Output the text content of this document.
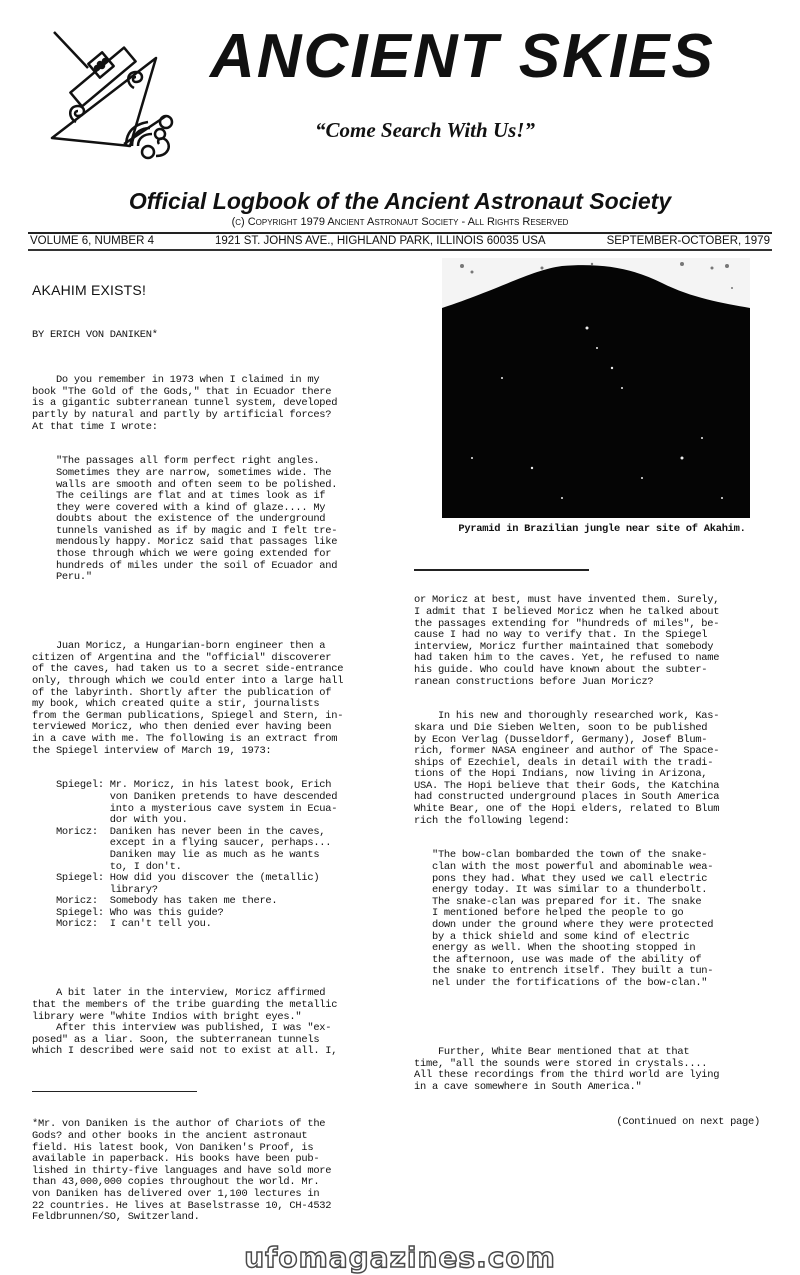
ANCIENT SKIES
“Come Search With Us!”
Official Logbook of the Ancient Astronaut Society
(c) Copyright 1979 Ancient Astronaut Society - All Rights Reserved
VOLUME 6, NUMBER 4	1921 ST. JOHNS AVE., HIGHLAND PARK, ILLINOIS 60035 USA	SEPTEMBER-OCTOBER, 1979

AKAHIM EXISTS!

BY ERICH VON DANIKEN*

Do you remember in 1973 when I claimed in my
book "The Gold of the Gods," that in Ecuador there
is a gigantic subterranean tunnel system, developed
partly by natural and partly by artificial forces?
At that time I wrote:

"The passages all form perfect right angles.
Sometimes they are narrow, sometimes wide. The
walls are smooth and often seem to be polished.
The ceilings are flat and at times look as if
they were covered with a kind of glaze.... My
doubts about the existence of the underground
tunnels vanished as if by magic and I felt tre-
mendously happy. Moricz said that passages like
those through which we were going extended for
hundreds of miles under the soil of Ecuador and
Peru."

Juan Moricz, a Hungarian-born engineer then a
citizen of Argentina and the "official" discoverer
of the caves, had taken us to a secret side-entrance
only, through which we could enter into a large hall
of the labyrinth. Shortly after the publication of
my book, which created quite a stir, journalists
from the German publications, Spiegel and Stern, in-
terviewed Moricz, who then denied ever having been
in a cave with me. The following is an extract from
the Spiegel interview of March 19, 1973:

Spiegel: Mr. Moricz, in his latest book, Erich
von Daniken pretends to have descended
into a mysterious cave system in Ecua-
dor with you.
Moricz:  Daniken has never been in the caves,
except in a flying saucer, perhaps...
Daniken may lie as much as he wants
to, I don't.
Spiegel: How did you discover the (metallic)
library?
Moricz:  Somebody has taken me there.
Spiegel: Who was this guide?
Moricz:  I can't tell you.

A bit later in the interview, Moricz affirmed
that the members of the tribe guarding the metallic
library were "white Indios with bright eyes."
After this interview was published, I was "ex-
posed" as a liar. Soon, the subterranean tunnels
which I described were said not to exist at all. I,

*Mr. von Daniken is the author of Chariots of the
Gods? and other books in the ancient astronaut
field. His latest book, Von Daniken's Proof, is
available in paperback. His books have been pub-
lished in thirty-five languages and have sold more
than 43,000,000 copies throughout the world. Mr.
von Daniken has delivered over 1,100 lectures in
22 countries. He lives at Baselstrasse 10, CH-4532
Feldbrunnen/SO, Switzerland.

Pyramid in Brazilian jungle near site of Akahim.

or Moricz at best, must have invented them. Surely,
I admit that I believed Moricz when he talked about
the passages extending for "hundreds of miles", be-
cause I had no way to verify that. In the Spiegel
interview, Moricz further maintained that somebody
had taken him to the caves. Yet, he refused to name
his guide. Who could have known about the subter-
ranean constructions before Juan Moricz?

In his new and thoroughly researched work, Kas-
skara und Die Sieben Welten, soon to be published
by Econ Verlag (Dusseldorf, Germany), Josef Blum-
rich, former NASA engineer and author of The Space-
ships of Ezechiel, deals in detail with the tradi-
tions of the Hopi Indians, now living in Arizona,
USA. The Hopi believe that their Gods, the Katchina
had constructed underground places in South America
White Bear, one of the Hopi elders, related to Blum
rich the following legend:

"The bow-clan bombarded the town of the snake-
clan with the most powerful and abominable wea-
pons they had. What they used we call electric
energy today. It was similar to a thunderbolt.
The snake-clan was prepared for it. The snake
I mentioned before helped the people to go
down under the ground where they were protected
by a thick shield and some kind of electric
energy as well. When the shooting stopped in
the afternoon, use was made of the ability of
the snake to entrench itself. They built a tun-
nel under the fortifications of the bow-clan."

Further, White Bear mentioned that at that
time, "all the sounds were stored in crystals....
All these recordings from the third world are lying
in a cave somewhere in South America."

(Continued on next page)

ufomagazines.com
